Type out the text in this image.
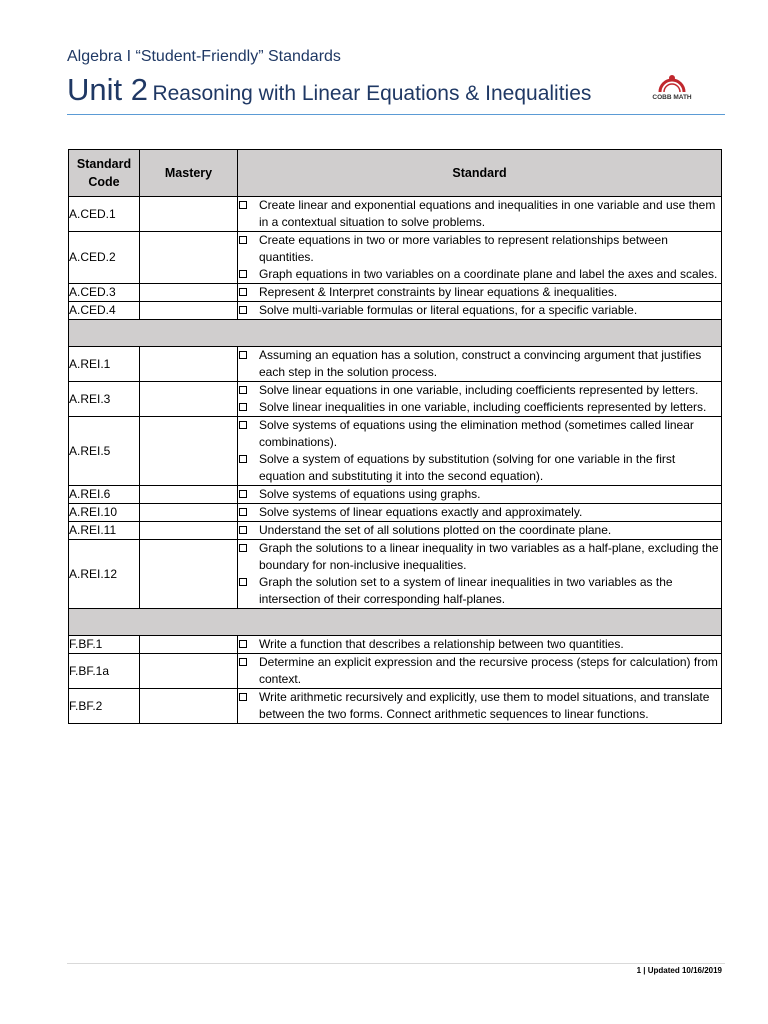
Algebra I “Student-Friendly” Standards
Unit 2 Reasoning with Linear Equations & Inequalities	COBB MATH
Standard Code	Mastery	Standard
A.CED.1		Create linear and exponential equations and inequalities in one variable and use them in a contextual situation to solve problems.

A.CED.2		Create equations in two or more variables to represent relationships between quantities.
Graph equations in two variables on a coordinate plane and label the axes and scales.

A.CED.3		Represent & Interpret constraints by linear equations & inequalities.

A.CED.4		Solve multi-variable formulas or literal equations, for a specific variable.

A.REI.1		Assuming an equation has a solution, construct a convincing argument that justifies each step in the solution process.

A.REI.3		Solve linear equations in one variable, including coefficients represented by letters.
Solve linear inequalities in one variable, including coefficients represented by letters.

A.REI.5		Solve systems of equations using the elimination method (sometimes called linear combinations).
Solve a system of equations by substitution (solving for one variable in the first equation and substituting it into the second equation).

A.REI.6		Solve systems of equations using graphs.

A.REI.10		Solve systems of linear equations exactly and approximately.

A.REI.11		Understand the set of all solutions plotted on the coordinate plane.

A.REI.12		Graph the solutions to a linear inequality in two variables as a half-plane, excluding the boundary for non-inclusive inequalities.
Graph the solution set to a system of linear inequalities in two variables as the intersection of their corresponding half-planes.

F.BF.1		Write a function that describes a relationship between two quantities.

F.BF.1a		Determine an explicit expression and the recursive process (steps for calculation) from context.

F.BF.2		Write arithmetic recursively and explicitly, use them to model situations, and translate between the two forms. Connect arithmetic sequences to linear functions.
1 | Updated 10/16/2019
